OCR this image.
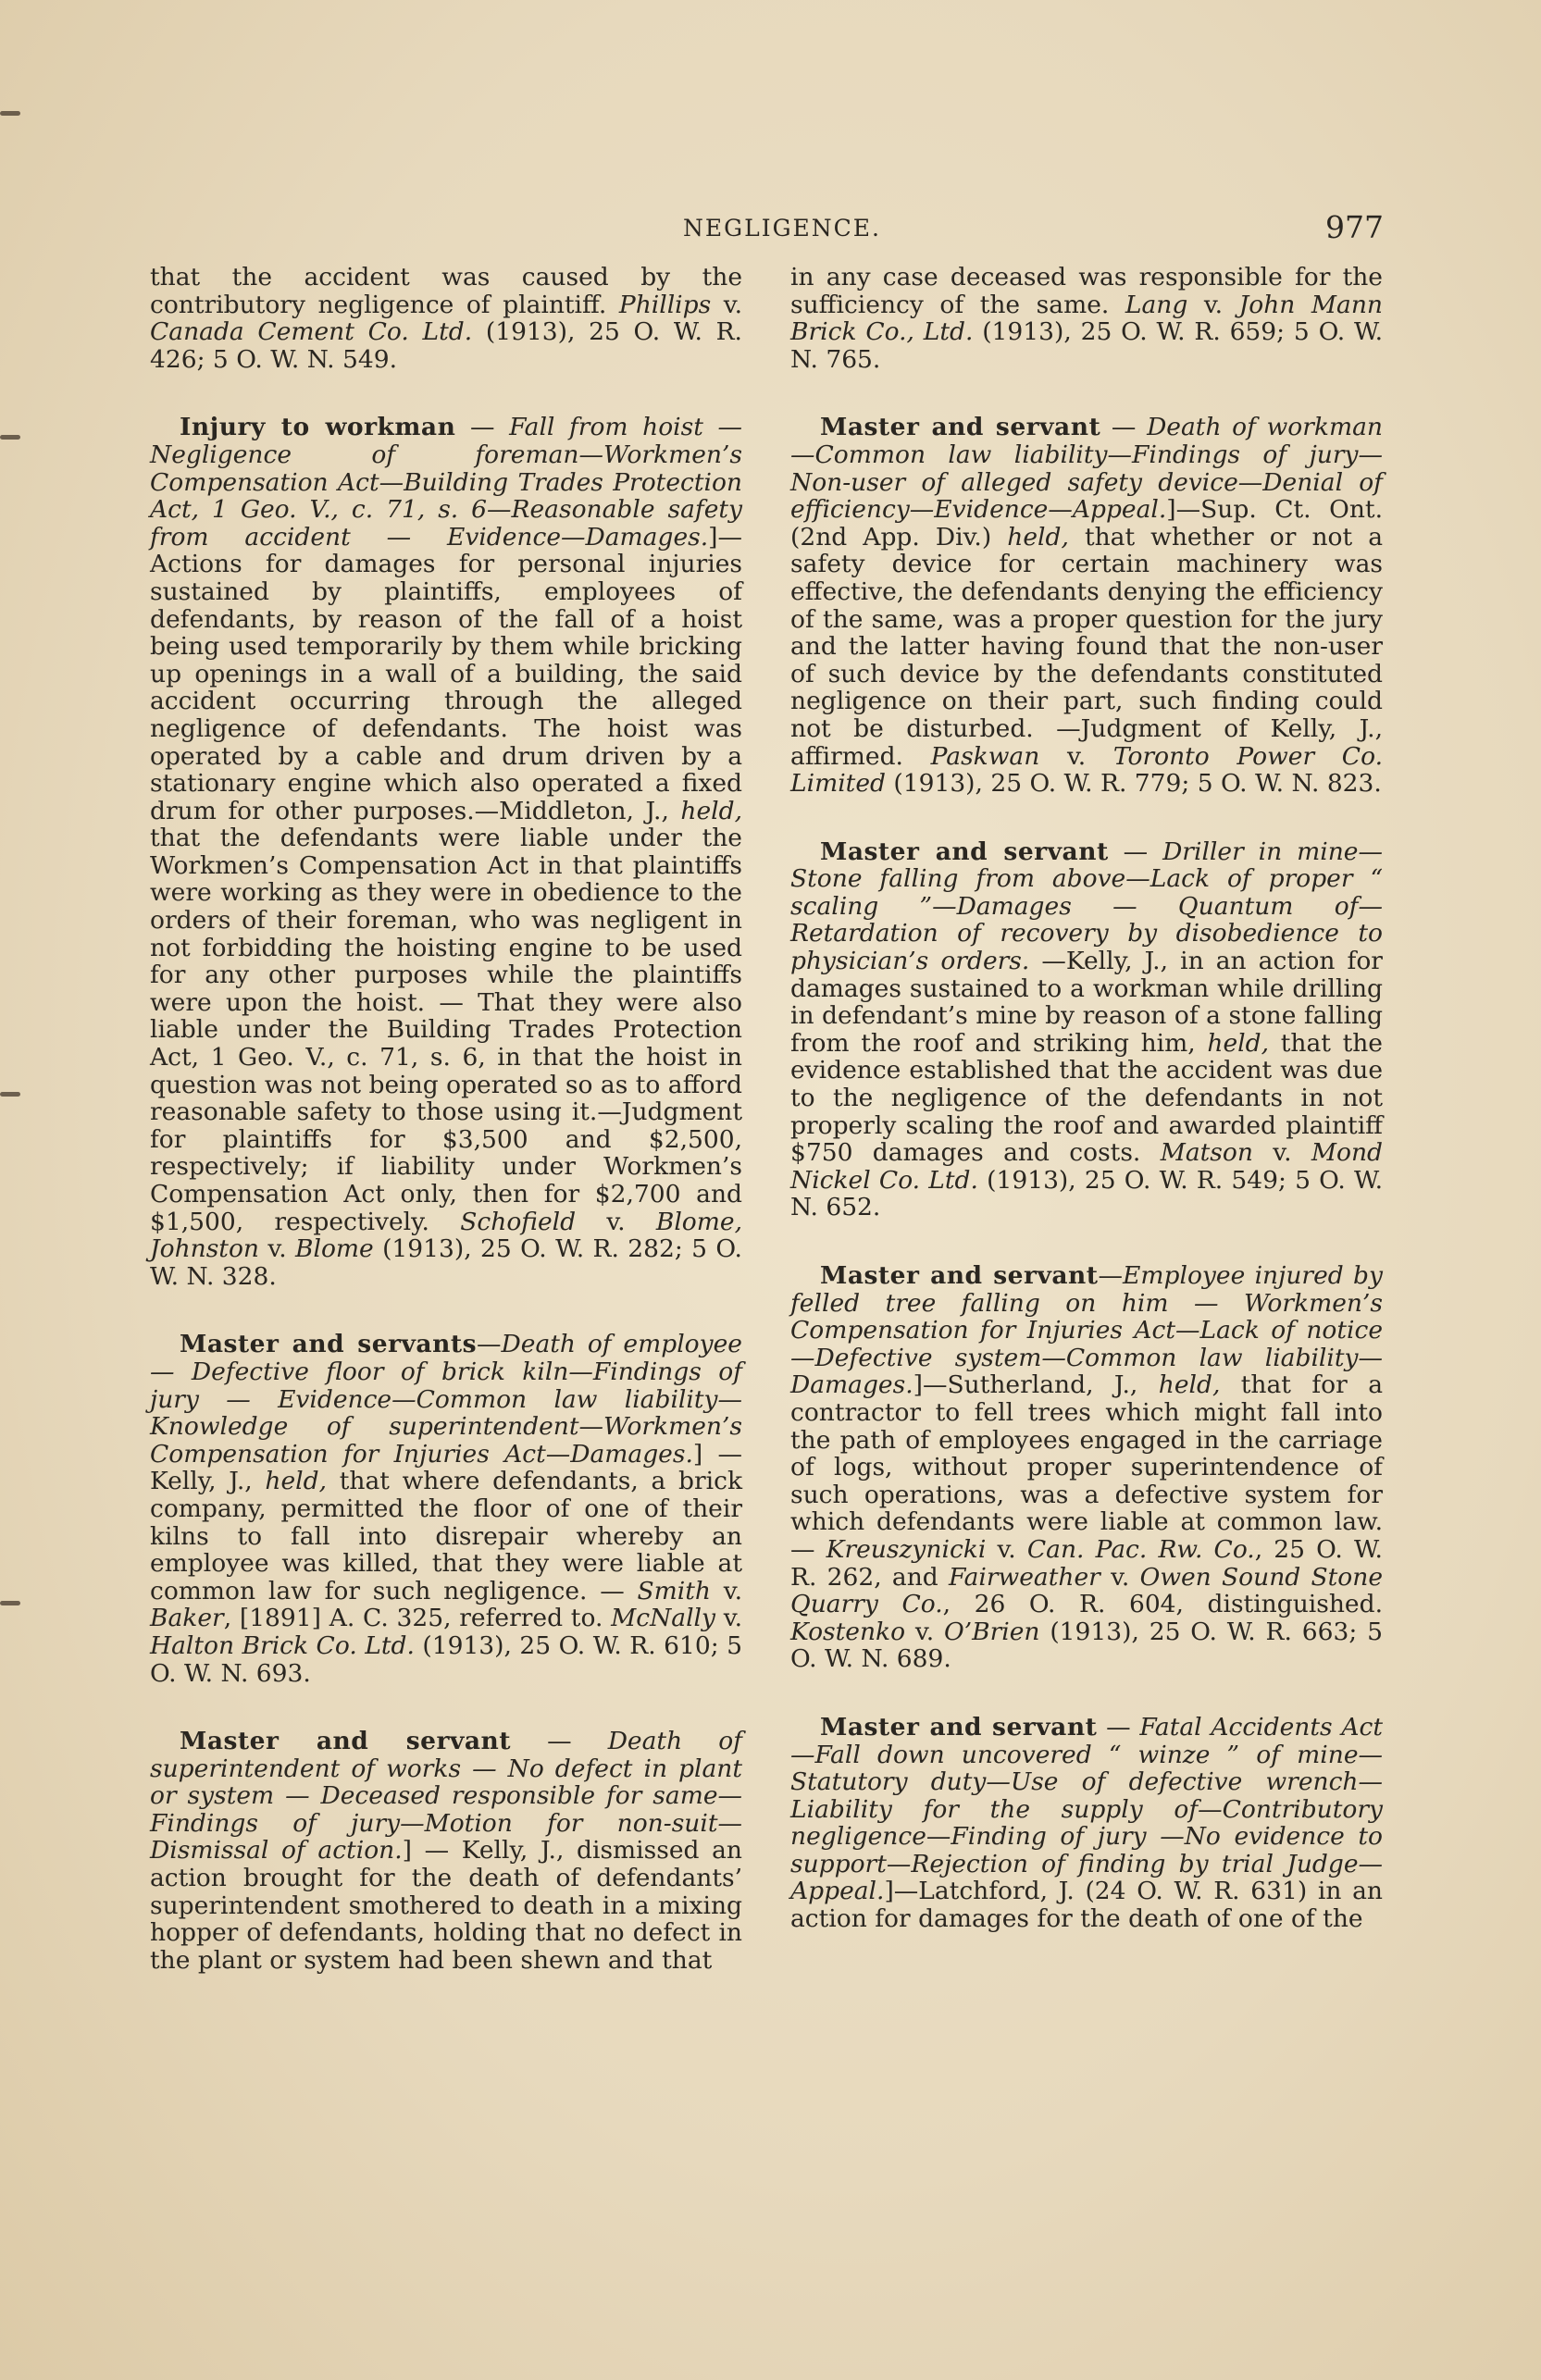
NEGLIGENCE.	977

that the accident was caused by the contributory negligence of plaintiff. Phillips v. Canada Cement Co. Ltd. (1913), 25 O. W. R. 426; 5 O. W. N. 549.

Injury to workman — Fall from hoist — Negligence of foreman—Workmen’s Compensation Act—Building Trades Protection Act, 1 Geo. V., c. 71, s. 6—Reasonable safety from accident — Evidence—Damages.]—Actions for damages for personal injuries sustained by plaintiffs, employees of defendants, by reason of the fall of a hoist being used temporarily by them while bricking up openings in a wall of a building, the said accident occurring through the alleged negligence of defendants. The hoist was operated by a cable and drum driven by a stationary engine which also operated a fixed drum for other purposes.—Middleton, J., held, that the defendants were liable under the Workmen’s Compensation Act in that plaintiffs were working as they were in obedience to the orders of their foreman, who was negligent in not forbidding the hoisting engine to be used for any other purposes while the plaintiffs were upon the hoist. — That they were also liable under the Building Trades Protection Act, 1 Geo. V., c. 71, s. 6, in that the hoist in question was not being operated so as to afford reasonable safety to those using it.—Judgment for plaintiffs for $3,500 and $2,500, respectively; if liability under Workmen’s Compensation Act only, then for $2,700 and $1,500, respectively. Schofield v. Blome, Johnston v. Blome (1913), 25 O. W. R. 282; 5 O. W. N. 328.

Master and servants—Death of employee — Defective floor of brick kiln—Findings of jury — Evidence—Common law liability—Knowledge of superintendent—Workmen’s Compensation for Injuries Act—Damages.] — Kelly, J., held, that where defendants, a brick company, permitted the floor of one of their kilns to fall into disrepair whereby an employee was killed, that they were liable at common law for such negligence. — Smith v. Baker, [1891] A. C. 325, referred to. McNally v. Halton Brick Co. Ltd. (1913), 25 O. W. R. 610; 5 O. W. N. 693.

Master and servant — Death of superintendent of works — No defect in plant or system — Deceased responsible for same—Findings of jury—Motion for non-suit—Dismissal of action.] — Kelly, J., dismissed an action brought for the death of defendants’ superintendent smothered to death in a mixing hopper of defendants, holding that no defect in the plant or system had been shewn and that

in any case deceased was responsible for the sufficiency of the same. Lang v. John Mann Brick Co., Ltd. (1913), 25 O. W. R. 659; 5 O. W. N. 765.

Master and servant — Death of workman—Common law liability—Findings of jury—Non-user of alleged safety device—Denial of efficiency—Evidence—Appeal.]—Sup. Ct. Ont. (2nd App. Div.) held, that whether or not a safety device for certain machinery was effective, the defendants denying the efficiency of the same, was a proper question for the jury and the latter having found that the non-user of such device by the defendants constituted negligence on their part, such finding could not be disturbed. —Judgment of Kelly, J., affirmed. Paskwan v. Toronto Power Co. Limited (1913), 25 O. W. R. 779; 5 O. W. N. 823.

Master and servant — Driller in mine—Stone falling from above—Lack of proper “ scaling ”—Damages — Quantum of—Retardation of recovery by disobedience to physician’s orders. —Kelly, J., in an action for damages sustained to a workman while drilling in defendant’s mine by reason of a stone falling from the roof and striking him, held, that the evidence established that the accident was due to the negligence of the defendants in not properly scaling the roof and awarded plaintiff $750 damages and costs. Matson v. Mond Nickel Co. Ltd. (1913), 25 O. W. R. 549; 5 O. W. N. 652.

Master and servant—Employee injured by felled tree falling on him — Workmen’s Compensation for Injuries Act—Lack of notice—Defective system—Common law liability—Damages.]—Sutherland, J., held, that for a contractor to fell trees which might fall into the path of employees engaged in the carriage of logs, without proper superintendence of such operations, was a defective system for which defendants were liable at common law. — Kreuszynicki v. Can. Pac. Rw. Co., 25 O. W. R. 262, and Fairweather v. Owen Sound Stone Quarry Co., 26 O. R. 604, distinguished. Kostenko v. O’Brien (1913), 25 O. W. R. 663; 5 O. W. N. 689.

Master and servant — Fatal Accidents Act—Fall down uncovered “ winze ” of mine—Statutory duty—Use of defective wrench—Liability for the supply of—Contributory negligence—Finding of jury —No evidence to support—Rejection of finding by trial Judge—Appeal.]—Latchford, J. (24 O. W. R. 631) in an action for damages for the death of one of the
